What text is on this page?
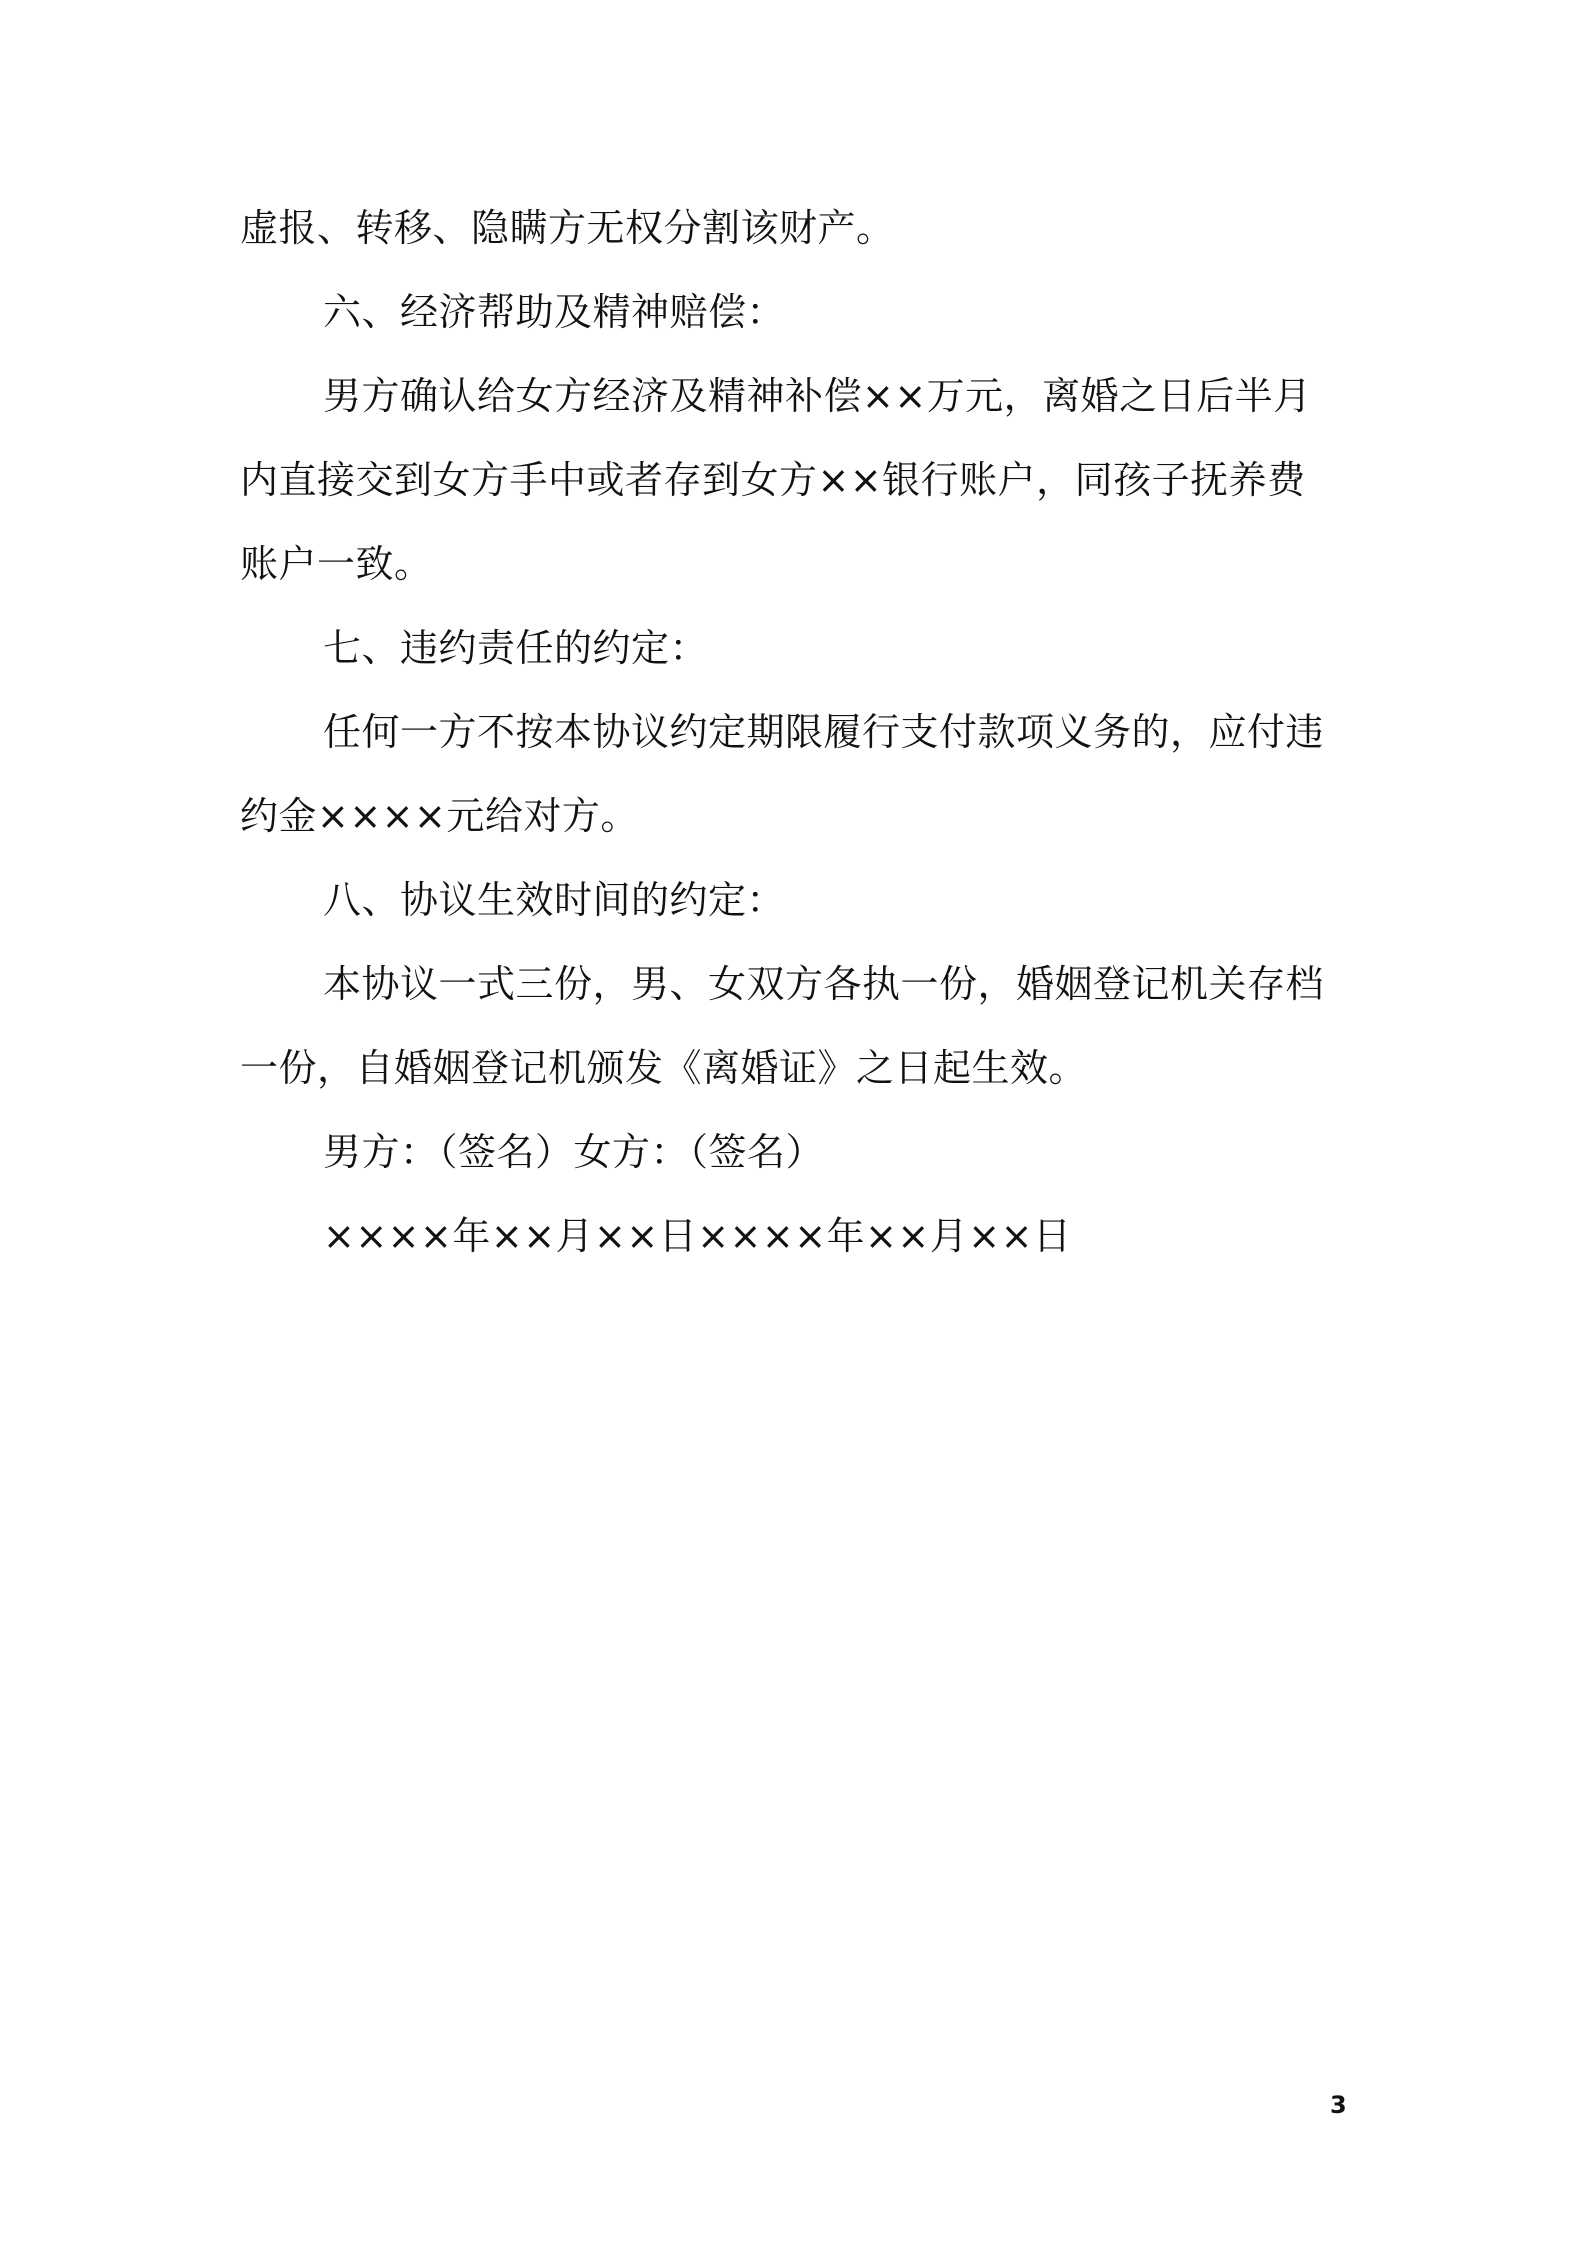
虚报、转移、隐瞒方无权分割该财产。
六、经济帮助及精神赔偿：
男方确认给女方经济及精神补偿××万元，离婚之日后半月
内直接交到女方手中或者存到女方××银行账户，同孩子抚养费
账户一致。
七、违约责任的约定：
任何一方不按本协议约定期限履行支付款项义务的，应付违
约金××××元给对方。
八、协议生效时间的约定：
本协议一式三份，男、女双方各执一份，婚姻登记机关存档
一份，自婚姻登记机颁发《离婚证》之日起生效。
男方：（签名）女方：（签名）
××××年××月××日××××年××月××日
3
